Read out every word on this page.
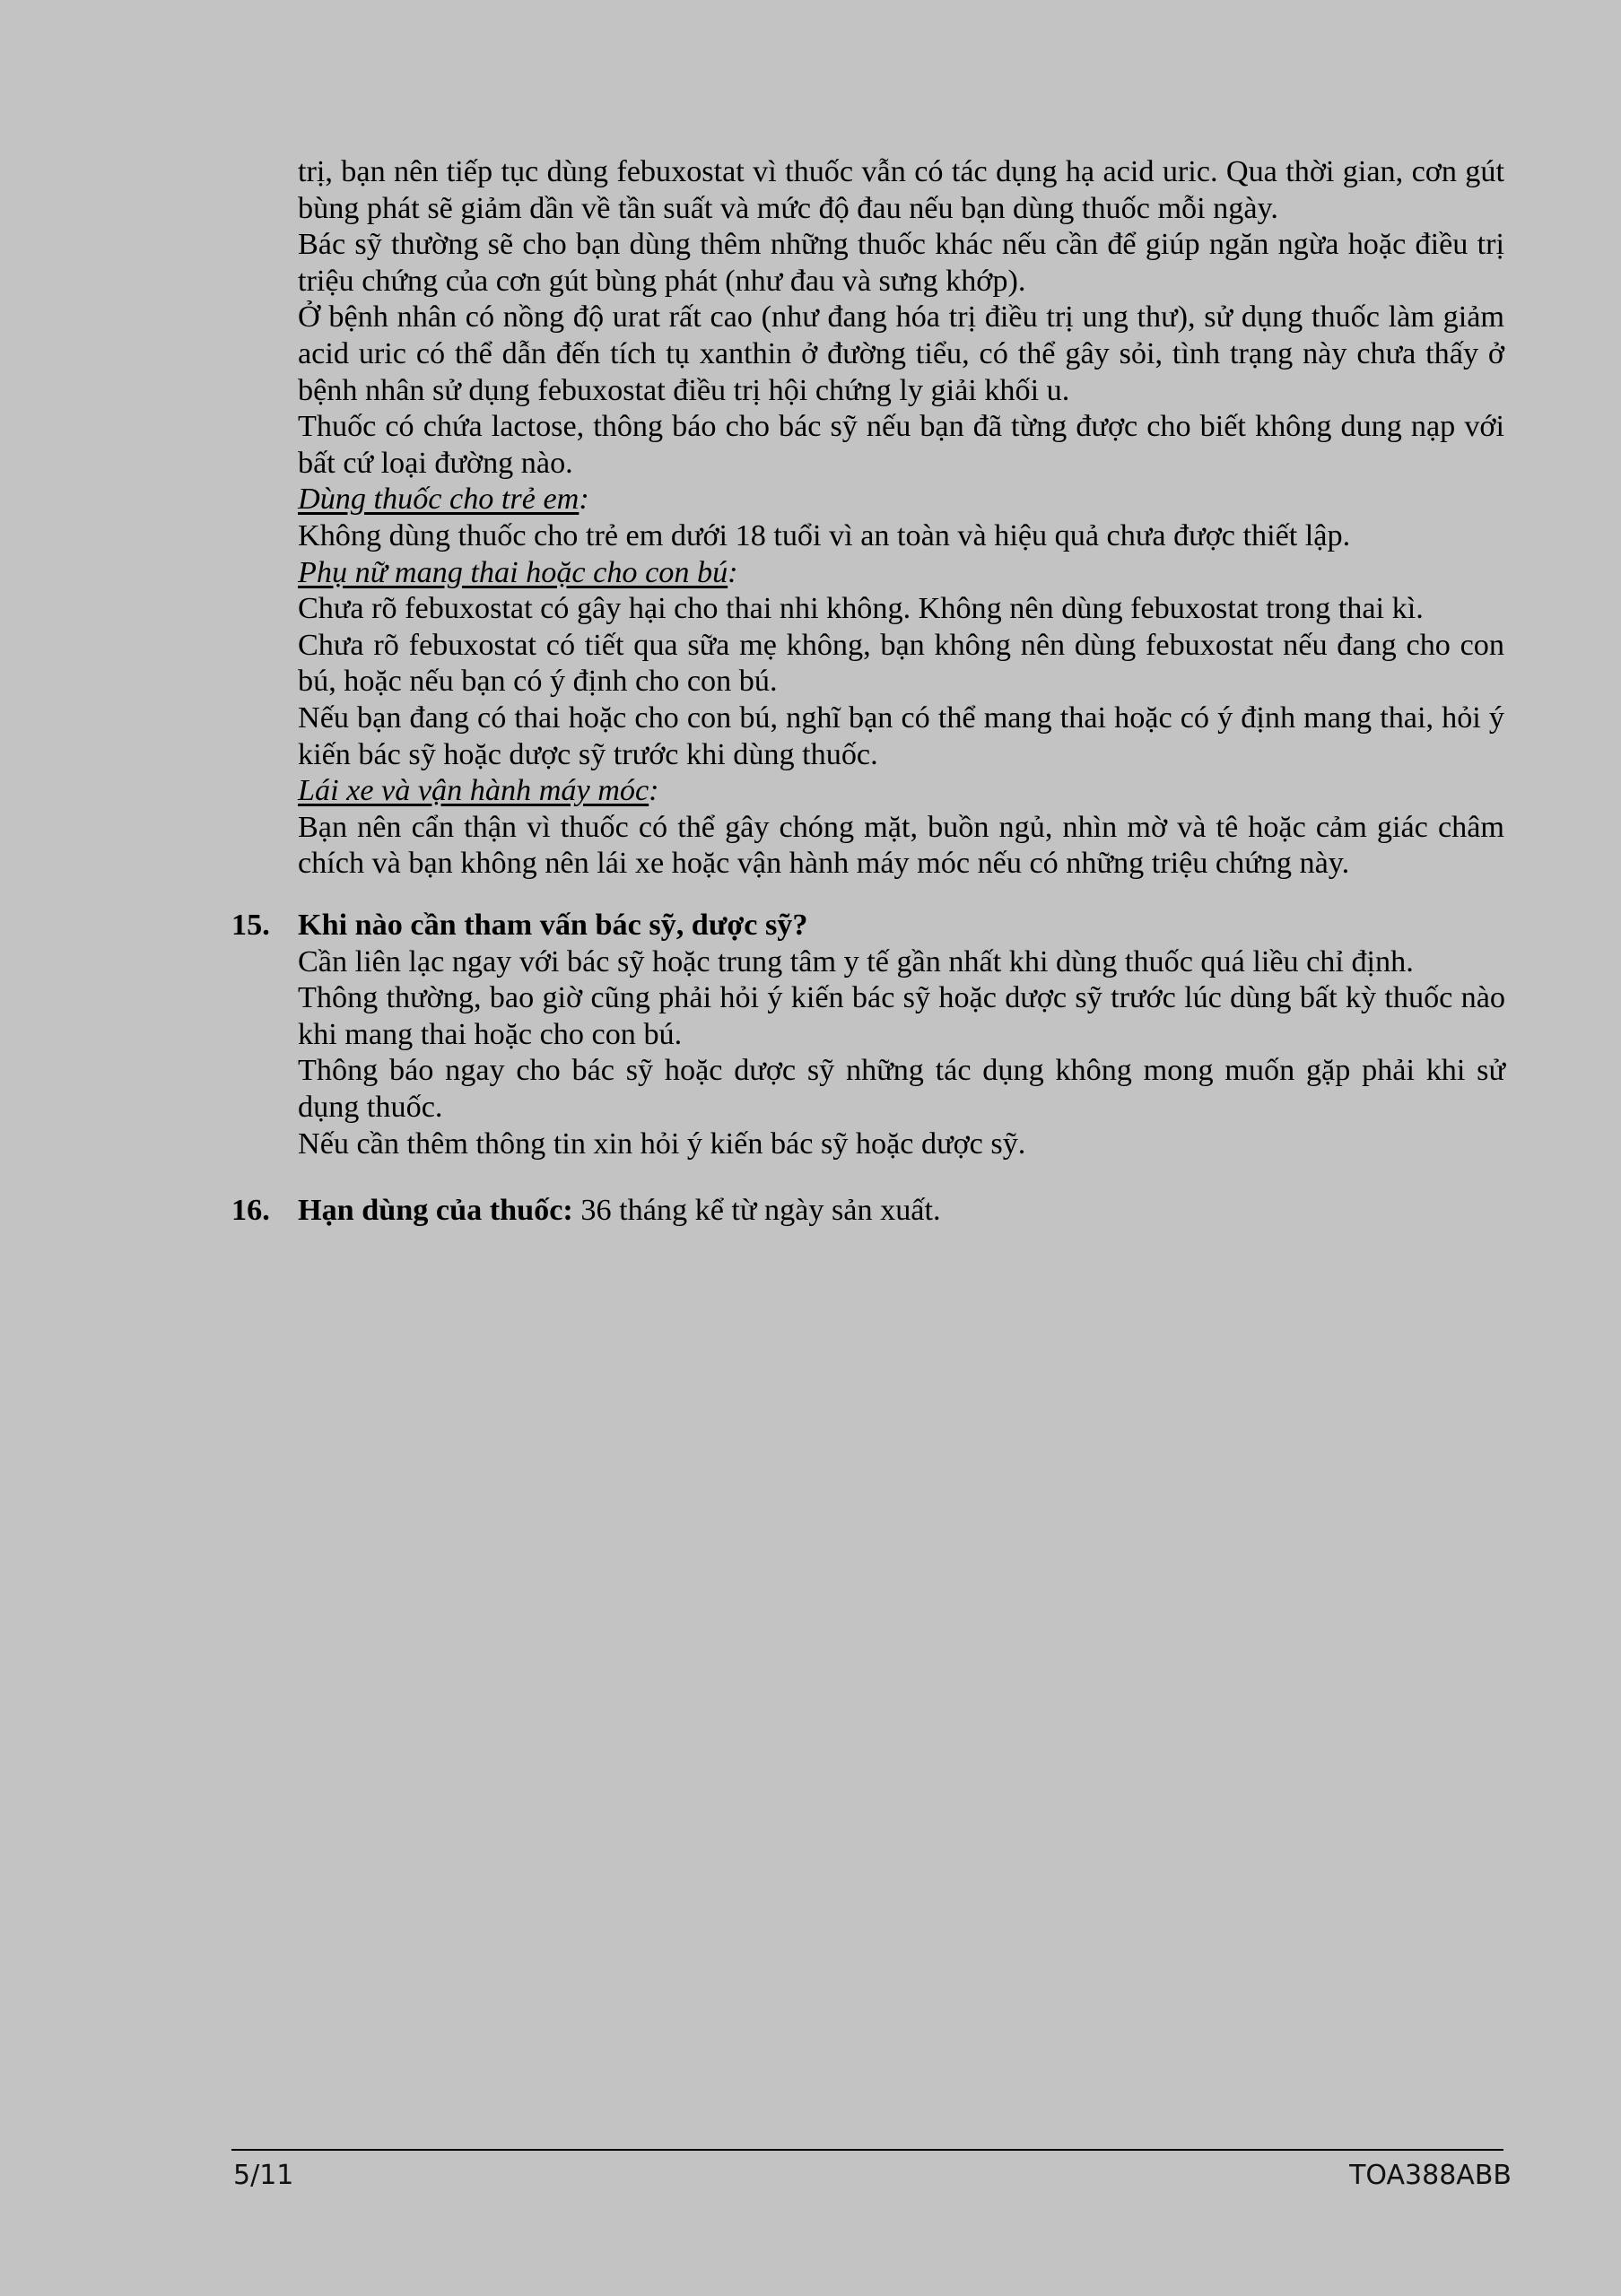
trị, bạn nên tiếp tục dùng febuxostat vì thuốc vẫn có tác dụng hạ acid uric. Qua thời gian, cơn gút bùng phát sẽ giảm dần về tần suất và mức độ đau nếu bạn dùng thuốc mỗi ngày.

Bác sỹ thường sẽ cho bạn dùng thêm những thuốc khác nếu cần để giúp ngăn ngừa hoặc điều trị triệu chứng của cơn gút bùng phát (như đau và sưng khớp).

Ở bệnh nhân có nồng độ urat rất cao (như đang hóa trị điều trị ung thư), sử dụng thuốc làm giảm acid uric có thể dẫn đến tích tụ xanthin ở đường tiểu, có thể gây sỏi, tình trạng này chưa thấy ở bệnh nhân sử dụng febuxostat điều trị hội chứng ly giải khối u.

Thuốc có chứa lactose, thông báo cho bác sỹ nếu bạn đã từng được cho biết không dung nạp với bất cứ loại đường nào.

Dùng thuốc cho trẻ em:

Không dùng thuốc cho trẻ em dưới 18 tuổi vì an toàn và hiệu quả chưa được thiết lập.

Phụ nữ mang thai hoặc cho con bú:

Chưa rõ febuxostat có gây hại cho thai nhi không. Không nên dùng febuxostat trong thai kì.

Chưa rõ febuxostat có tiết qua sữa mẹ không, bạn không nên dùng febuxostat nếu đang cho con bú, hoặc nếu bạn có ý định cho con bú.

Nếu bạn đang có thai hoặc cho con bú, nghĩ bạn có thể mang thai hoặc có ý định mang thai, hỏi ý kiến bác sỹ hoặc dược sỹ trước khi dùng thuốc.

Lái xe và vận hành máy móc:

Bạn nên cẩn thận vì thuốc có thể gây chóng mặt, buồn ngủ, nhìn mờ và tê hoặc cảm giác châm chích và bạn không nên lái xe hoặc vận hành máy móc nếu có những triệu chứng này.

15. Khi nào cần tham vấn bác sỹ, dược sỹ?

Cần liên lạc ngay với bác sỹ hoặc trung tâm y tế gần nhất khi dùng thuốc quá liều chỉ định.

Thông thường, bao giờ cũng phải hỏi ý kiến bác sỹ hoặc dược sỹ trước lúc dùng bất kỳ thuốc nào khi mang thai hoặc cho con bú.

Thông báo ngay cho bác sỹ hoặc dược sỹ những tác dụng không mong muốn gặp phải khi sử dụng thuốc.

Nếu cần thêm thông tin xin hỏi ý kiến bác sỹ hoặc dược sỹ.

16. Hạn dùng của thuốc: 36 tháng kể từ ngày sản xuất.
5/11	TOA388ABB
